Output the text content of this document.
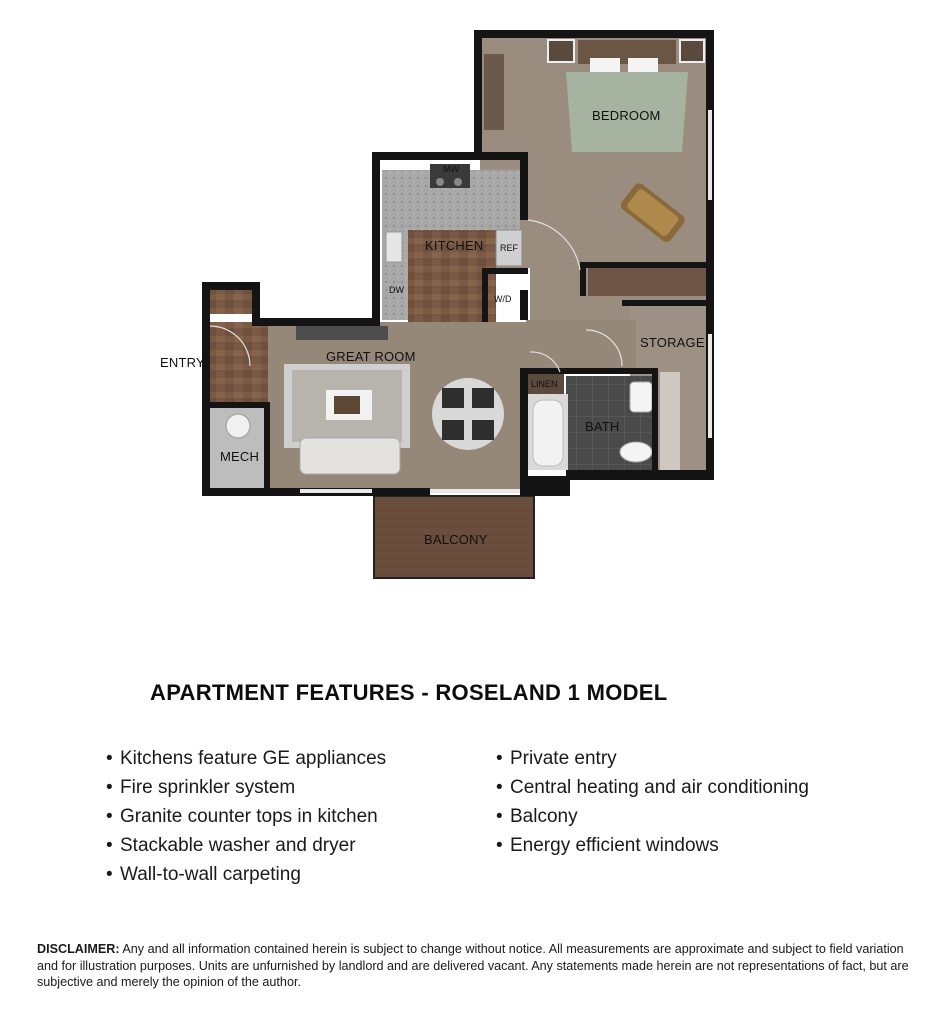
BEDROOM
KITCHEN
GREAT ROOM
ENTRY
STORAGE
BATH
MECH
BALCONY
MW
REF
DW
W/D
LINEN
APARTMENT FEATURES - ROSELAND 1 MODEL
• Kitchens feature GE appliances
• Fire sprinkler system
• Granite counter tops in kitchen
• Stackable washer and dryer
• Wall-to-wall carpeting
• Private entry
• Central heating and air conditioning
• Balcony
• Energy efficient windows

DISCLAIMER: Any and all information contained herein is subject to change without notice. All measurements are approximate and subject to field variation and for illustration purposes. Units are unfurnished by landlord and are delivered vacant. Any statements made herein are not representations of fact, but are subjective and merely the opinion of the author.
